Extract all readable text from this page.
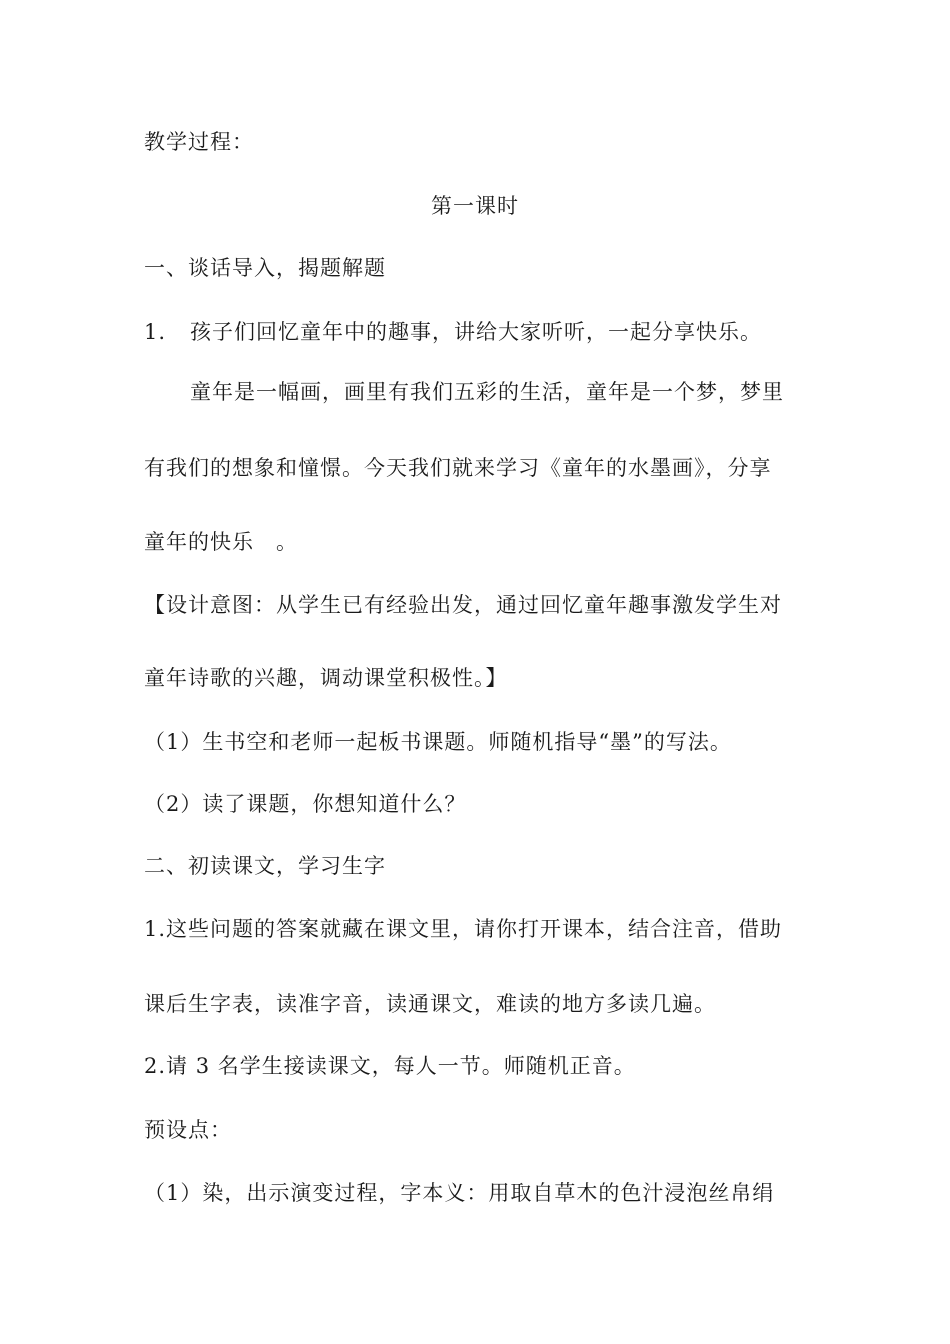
教学过程：
第一课时
一、谈话导入，揭题解题
1. 孩子们回忆童年中的趣事，讲给大家听听，一起分享快乐。
童年是一幅画，画里有我们五彩的生活，童年是一个梦，梦里
有我们的想象和憧憬。今天我们就来学习《童年的水墨画》，分享
童年的快乐　。
【设计意图：从学生已有经验出发，通过回忆童年趣事激发学生对
童年诗歌的兴趣，调动课堂积极性。】
（1）生书空和老师一起板书课题。师随机指导“墨”的写法。
（2）读了课题，你想知道什么？
二、初读课文，学习生字
1.这些问题的答案就藏在课文里，请你打开课本，结合注音，借助
课后生字表，读准字音，读通课文，难读的地方多读几遍。
2.请 3 名学生接读课文，每人一节。师随机正音。
预设点：
（1）染，出示演变过程，字本义：用取自草木的色汁浸泡丝帛绢
